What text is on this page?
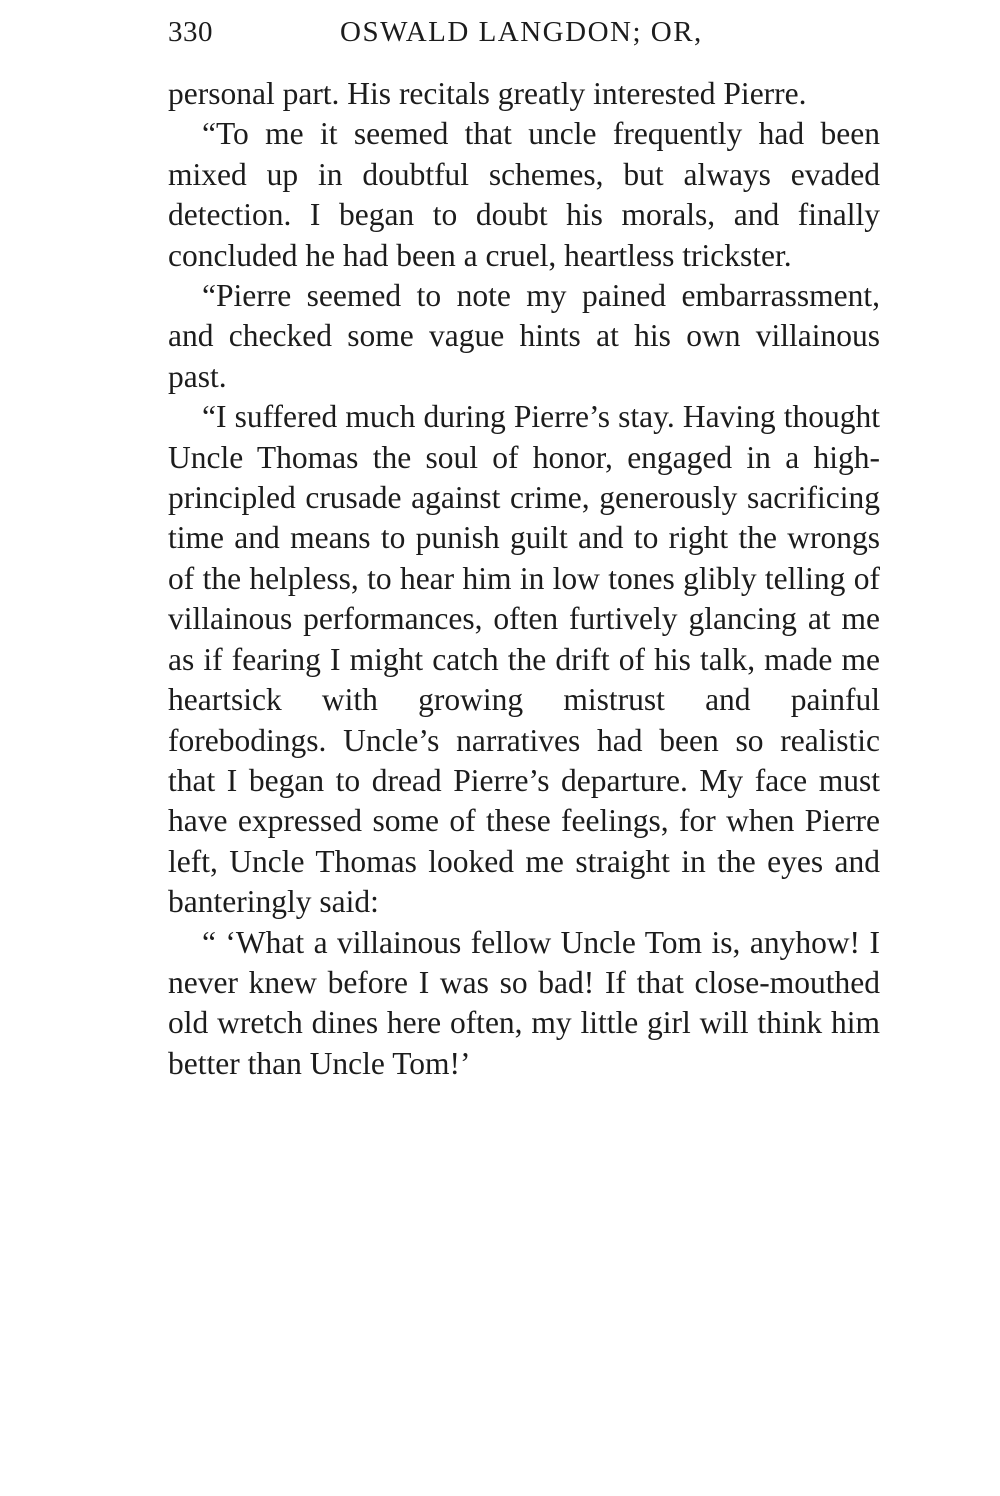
330	OSWALD LANGDON; OR,

personal part. His recitals greatly interested Pierre.

“To me it seemed that uncle frequently had been mixed up in doubtful schemes, but always evaded detection. I began to doubt his morals, and finally concluded he had been a cruel, heartless trickster.

“Pierre seemed to note my pained embarrassment, and checked some vague hints at his own villainous past.

“I suffered much during Pierre’s stay. Having thought Uncle Thomas the soul of honor, engaged in a high-principled crusade against crime, generously sacrificing time and means to punish guilt and to right the wrongs of the helpless, to hear him in low tones glibly telling of villainous performances, often furtively glancing at me as if fearing I might catch the drift of his talk, made me heartsick with growing mistrust and painful forebodings. Uncle’s narratives had been so realistic that I began to dread Pierre’s departure. My face must have expressed some of these feelings, for when Pierre left, Uncle Thomas looked me straight in the eyes and banteringly said:

“ ‘What a villainous fellow Uncle Tom is, anyhow! I never knew before I was so bad! If that close-mouthed old wretch dines here often, my little girl will think him better than Uncle Tom!’
